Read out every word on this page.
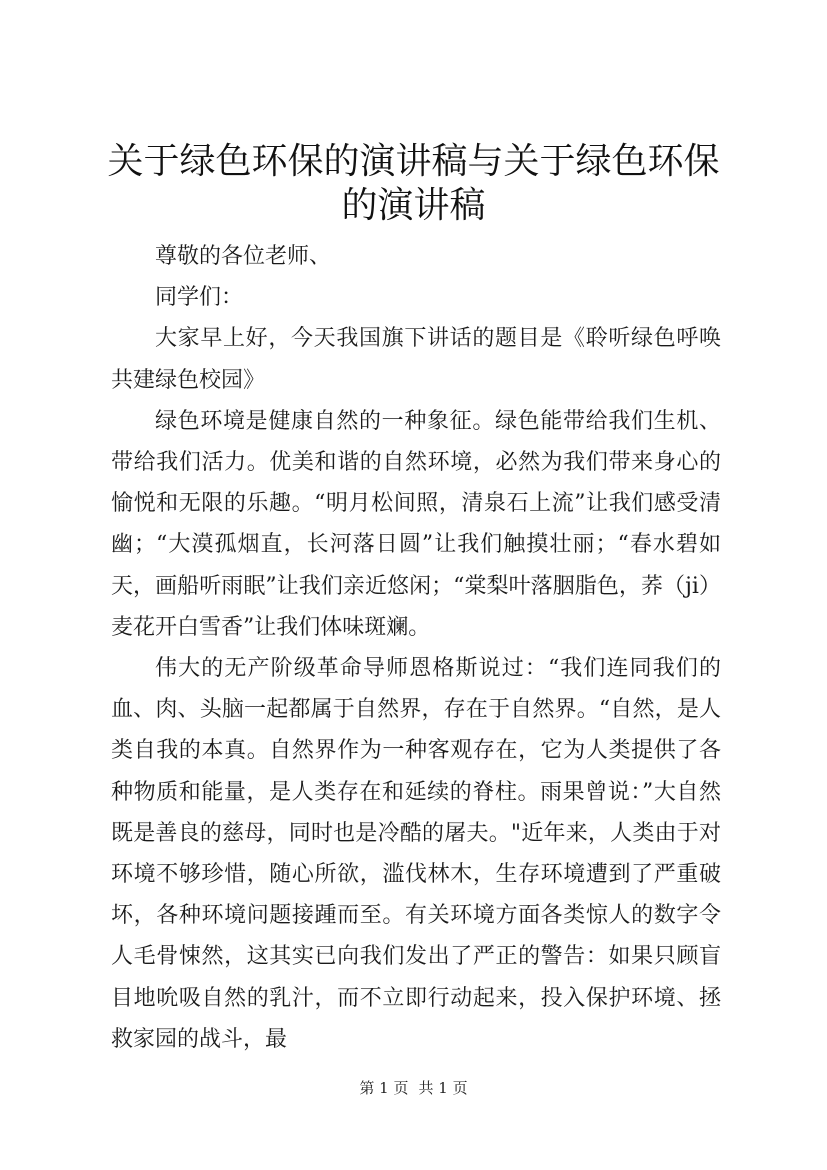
关于绿色环保的演讲稿与关于绿色环保的演讲稿

尊敬的各位老师、

同学们：

大家早上好，今天我国旗下讲话的题目是《聆听绿色呼唤共建绿色校园》

绿色环境是健康自然的一种象征。绿色能带给我们生机、带给我们活力。优美和谐的自然环境，必然为我们带来身心的愉悦和无限的乐趣。“明月松间照，清泉石上流”让我们感受清幽；“大漠孤烟直，长河落日圆”让我们触摸壮丽；“春水碧如天，画船听雨眠”让我们亲近悠闲；“棠梨叶落胭脂色，荞（ji）麦花开白雪香”让我们体味斑斓。

伟大的无产阶级革命导师恩格斯说过：“我们连同我们的血、肉、头脑一起都属于自然界，存在于自然界。“自然，是人类自我的本真。自然界作为一种客观存在，它为人类提供了各种物质和能量，是人类存在和延续的脊柱。雨果曾说：”大自然既是善良的慈母，同时也是冷酷的屠夫。"近年来，人类由于对环境不够珍惜，随心所欲，滥伐林木，生存环境遭到了严重破坏，各种环境问题接踵而至。有关环境方面各类惊人的数字令人毛骨悚然，这其实已向我们发出了严正的警告：如果只顾盲目地吮吸自然的乳汁，而不立即行动起来，投入保护环境、拯救家园的战斗，最

第 1 页 共 1 页
